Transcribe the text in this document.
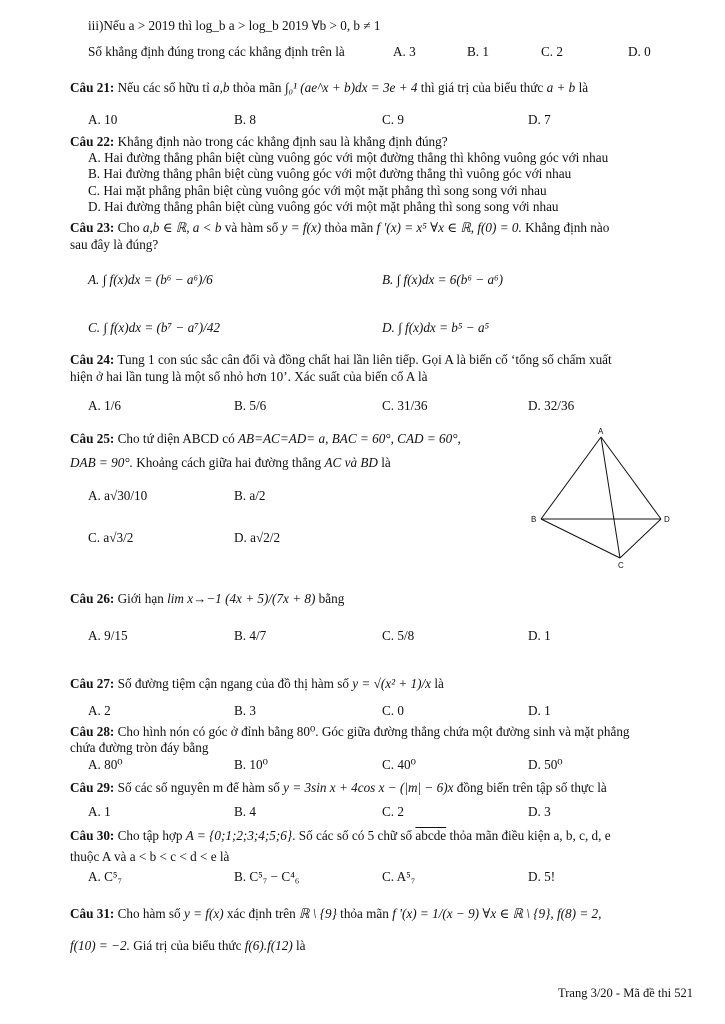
iii)Nếu a > 2019 thì log_b a > log_b 2019 ∀b > 0, b ≠ 1
Số khẳng định đúng trong các khẳng định trên là	A. 3	B. 1	C. 2	D. 0
Câu 21: Nếu các số hữu tỉ a,b thỏa mãn ∫₀¹ (ae^x + b)dx = 3e + 4 thì giá trị của biểu thức a + b là
A. 10	B. 8	C. 9	D. 7
Câu 22: Khẳng định nào trong các khẳng định sau là khẳng định đúng?
A. Hai đường thẳng phân biệt cùng vuông góc với một đường thẳng thì không vuông góc với nhau
B. Hai đường thẳng phân biệt cùng vuông góc với một đường thẳng thì vuông góc với nhau
C. Hai mặt phẳng phân biệt cùng vuông góc với một mặt phẳng thì song song với nhau
D. Hai đường thẳng phân biệt cùng vuông góc với một mặt phẳng thì song song với nhau
Câu 23: Cho a,b ∈ ℝ, a < b và hàm số y = f(x) thỏa mãn f '(x) = x⁵ ∀x ∈ ℝ, f(0) = 0. Khẳng định nào
sau đây là đúng?
A. ∫ f(x)dx = (b⁶ − a⁶)/6	B. ∫ f(x)dx = 6(b⁶ − a⁶)
C. ∫ f(x)dx = (b⁷ − a⁷)/42	D. ∫ f(x)dx = b⁵ − a⁵
Câu 24: Tung 1 con súc sắc cân đối và đồng chất hai lần liên tiếp. Gọi A là biến cố ‘tổng số chấm xuất
hiện ở hai lần tung là một số nhỏ hơn 10’. Xác suất của biến cố A là
A. 1/6	B. 5/6	C. 31/36	D. 32/36
Câu 25: Cho tứ diện ABCD có AB=AC=AD= a, BAC = 60°, CAD = 60°,
DAB = 90°. Khoảng cách giữa hai đường thẳng AC và BD là
A. a√30/10	B. a/2
C. a√3/2	D. a√2/2
A
B
C
D
Câu 26: Giới hạn lim x→−1 (4x + 5)/(7x + 8) bằng
A. 9/15	B. 4/7	C. 5/8	D. 1
Câu 27: Số đường tiệm cận ngang của đồ thị hàm số y = √(x² + 1)/x là
A. 2	B. 3	C. 0	D. 1
Câu 28: Cho hình nón có góc ở đỉnh bằng 80⁰. Góc giữa đường thẳng chứa một đường sinh và mặt phẳng
chứa đường tròn đáy bằng
A. 80⁰	B. 10⁰	C. 40⁰	D. 50⁰
Câu 29: Số các số nguyên m để hàm số y = 3sin x + 4cos x − (|m| − 6)x đồng biến trên tập số thực là
A. 1	B. 4	C. 2	D. 3
Câu 30: Cho tập hợp A = {0;1;2;3;4;5;6}. Số các số có 5 chữ số abcde thỏa mãn điều kiện a, b, c, d, e
thuộc A và a < b < c < d < e là
A. C⁵₇	B. C⁵₇ − C⁴₆	C. A⁵₇	D. 5!
Câu 31: Cho hàm số y = f(x) xác định trên ℝ \ {9} thỏa mãn f '(x) = 1/(x − 9) ∀x ∈ ℝ \ {9}, f(8) = 2,
f(10) = −2. Giá trị của biểu thức f(6).f(12) là
Trang 3/20 - Mã đề thi 521
